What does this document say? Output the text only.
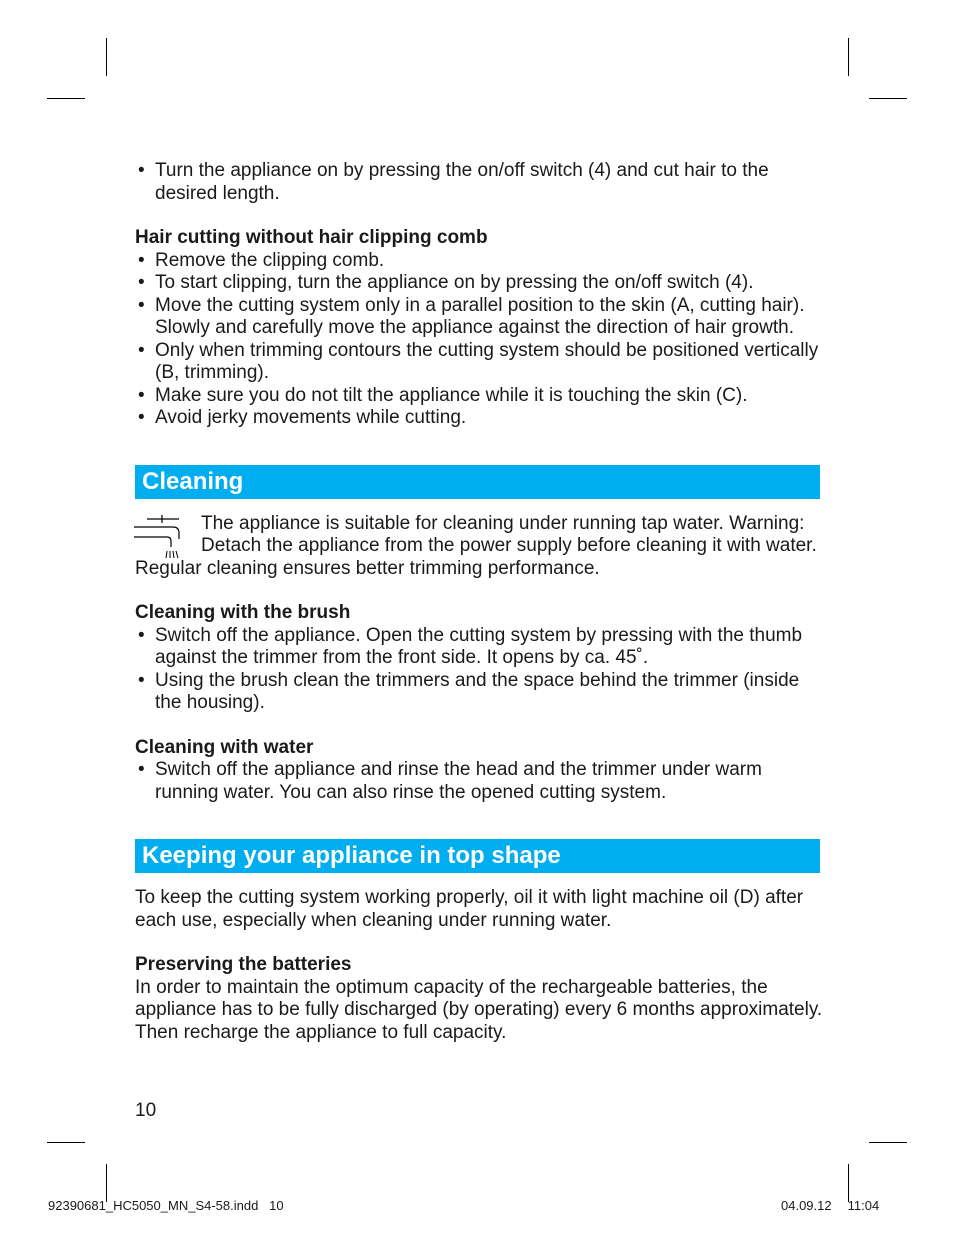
• Turn the appliance on by pressing the on/off switch (4) and cut hair to the desired length.

Hair cutting without hair clipping comb

• Remove the clipping comb.
• To start clipping, turn the appliance on by pressing the on/off switch (4).
• Move the cutting system only in a parallel position to the skin (A, cutting hair). Slowly and carefully move the appliance against the direction of hair growth.
• Only when trimming contours the cutting system should be positioned vertically (B, trimming).
• Make sure you do not tilt the appliance while it is touching the skin (C).
• Avoid jerky movements while cutting.
Cleaning

The appliance is suitable for cleaning under running tap water. Warning: Detach the appliance from the power supply before cleaning it with water.

Regular cleaning ensures better trimming performance.

Cleaning with the brush

• Switch off the appliance. Open the cutting system by pressing with the thumb against the trimmer from the front side. It opens by ca. 45˚.
• Using the brush clean the trimmers and the space behind the trimmer (inside the housing).

Cleaning with water

• Switch off the appliance and rinse the head and the trimmer under warm running water. You can also rinse the opened cutting system.
Keeping your appliance in top shape

To keep the cutting system working properly, oil it with light machine oil (D) after each use, especially when cleaning under running water.

Preserving the batteries

In order to maintain the optimum capacity of the rechargeable batteries, the appliance has to be fully discharged (by operating) every 6 months approximately. Then recharge the appliance to full capacity.

10
92390681_HC5050_MN_S4-58.indd   10	04.09.12 11:04
